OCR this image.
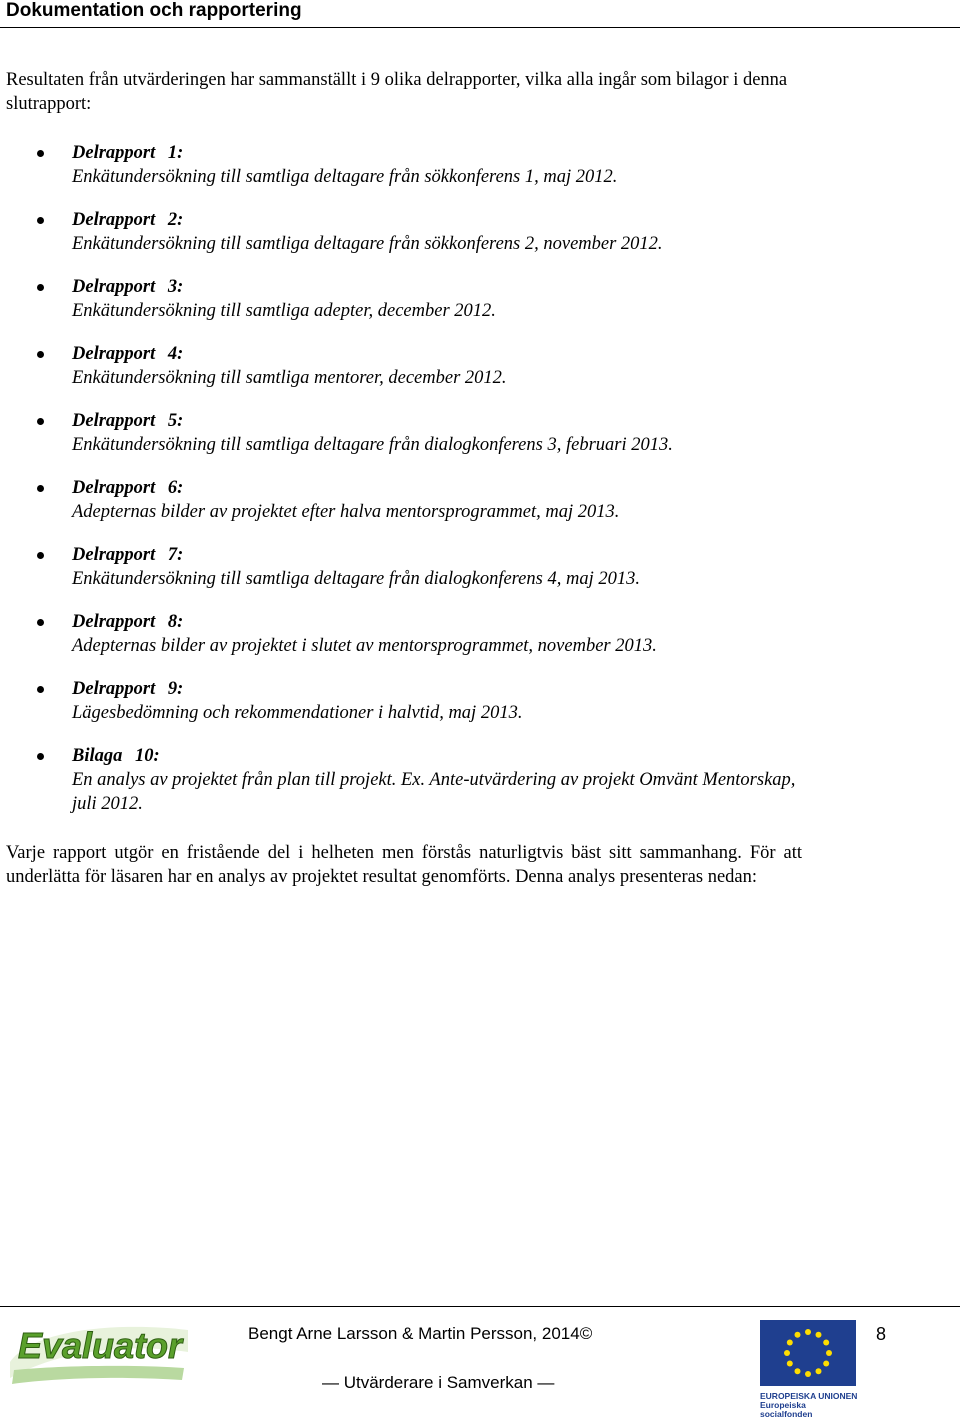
Dokumentation och rapportering
Resultaten från utvärderingen har sammanställt i 9 olika delrapporter, vilka alla ingår som bilagor i denna slutrapport:
Delrapport 1:
Enkätundersökning till samtliga deltagare från sökkonferens 1, maj 2012.
Delrapport 2:
Enkätundersökning till samtliga deltagare från sökkonferens 2, november 2012.
Delrapport 3:
Enkätundersökning till samtliga adepter, december 2012.
Delrapport 4:
Enkätundersökning till samtliga mentorer, december 2012.
Delrapport 5:
Enkätundersökning till samtliga deltagare från dialogkonferens 3, februari 2013.
Delrapport 6:
Adepternas bilder av projektet efter halva mentorsprogrammet, maj 2013.
Delrapport 7:
Enkätundersökning till samtliga deltagare från dialogkonferens 4, maj 2013.
Delrapport 8:
Adepternas bilder av projektet i slutet av mentorsprogrammet, november 2013.
Delrapport 9:
Lägesbedömning och rekommendationer i halvtid, maj 2013.
Bilaga 10:
En analys av projektet från plan till projekt. Ex. Ante-utvärdering av projekt Omvänt Mentorskap, juli 2012.

Varje rapport utgör en fristående del i helheten men förstås naturligtvis bäst sitt sammanhang. För att underlätta för läsaren har en analys av projektet resultat genomförts. Denna analys presenteras nedan:

Evaluator	Bengt Arne Larsson & Martin Persson, 2014©
— Utvärderare i Samverkan —
EUROPEISKA UNIONEN
Europeiska socialfonden
8
